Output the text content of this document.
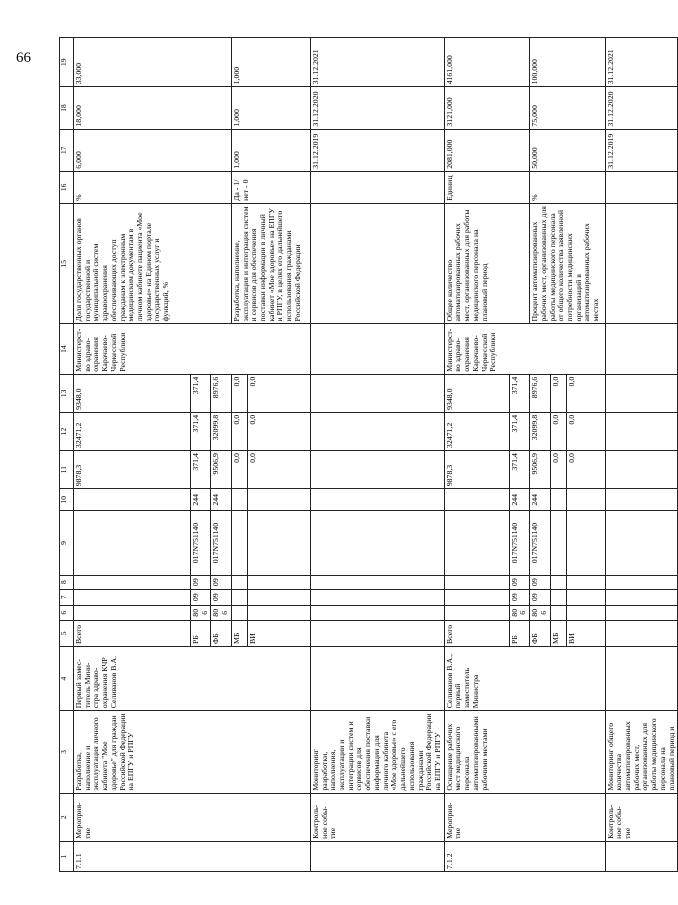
66
1	2	3	4	5	6	7	8	9	10	11	12	13	14	15	16	17	18	19
7.1.1	Мероприя-тие	Разработка, наполнение и эксплуатация личного кабинета "Мое здоровье" для граждан Российской Федерации на ЕПГУ и РПГУ	Первый замес-титель Мини-стра здраво-охранения КЧР Селиванов В.А.	Всего						9878,3	32471,2	9348,0	Министерст-во здраво-охранения Карачаево-Черкесской Республики	Доля государственных органов государственной и муниципальной систем здравоохранения обеспечивающих доступ гражданам к электронным медицинским документам в личном кабинете пациента «Мое здоровье» на Едином портале государственных услуг и функций, %	%	6,000	18,000	33,000
				РБ	806	09	09	017N751140	244	371,4	371,4	371,4						
				ФБ	806	09	09	017N751140	244	9506,9	32099,8	8976,6						
				МБ						0,0	0,0	0,0		Разработка, наполнение, эксплуатация и интеграция систем и сервисов для обеспечения поставки информации в личный кабинет «Мое здоровье» на ЕПГУ и РПГУ, в целях его дальнейшего использования гражданами Российской Федерации	Да - 1/ нет - 0	1,000	1,000	1,000
				ВИ						0,0	0,0	0,0						
	Контроль-ное собы-тие	Мониторинг разработки, наполнения, эксплуатации и интеграции систем и сервисов для обеспечения поставки информации для личного кабинета «Мое здоровье» с его дальнейшего использования гражданами Российской Федерации на ЕПГУ и РПГУ														31.12.2019	31.12.2020	31.12.2021
7.1.2	Мероприя-тие	Оснащение рабочих мест медицинского персонала автоматизированными рабочими местами	Селиванов В.А., первый заместитель Министра	Всего						9878,3	32471,2	9348,0	Министерст-во здраво-охранения Карачаево-Черкесской Республики	Общее количество автоматизированных рабочих мест, организованных для работы медицинского персонала на плановый период	Единиц	2081,000	3121,000	4161,000
				РБ	806	09	09	017N751140	244	371,4	371,4	371,4						
				ФБ	806	09	09	017N751140	244	9506,9	32099,8	8976,6		Процент автоматизированных рабочих мест, организованных для работы медицинского персонала от общего количества заявленной потребности медицинских организаций в автоматизированных рабочих местах	%	50,000	75,000	100,000
				МБ						0,0	0,0	0,0						
				ВИ						0,0	0,0	0,0						
	Контроль-ное собы-тие	Мониторинг общего количества автоматизированных рабочих мест, организованных для работы медицинского персонала на плановый период и														31.12.2019	31.12.2020	31.12.2021
